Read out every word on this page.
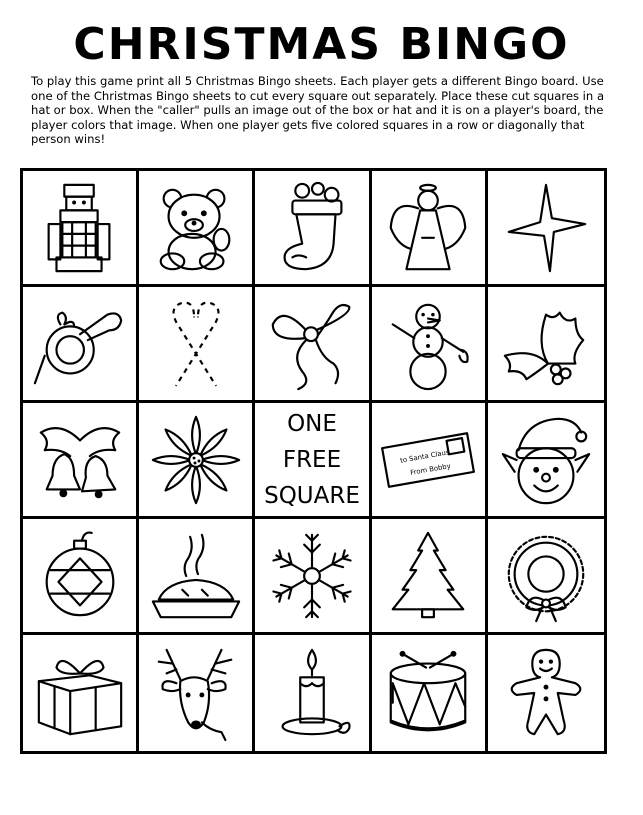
CHRISTMAS BINGO
To play this game print all 5 Christmas Bingo sheets. Each player gets a different Bingo board. Use one of the Christmas Bingo sheets to cut every square out separately. Place these cut squares in a hat or box. When the "caller" pulls an image out of the box or hat and it is on a player's board, the player colors that image. When one player gets five colored squares in a row or diagonally that person wins!
ONE
FREE
SQUARE
to Santa Claus
From Bobby
